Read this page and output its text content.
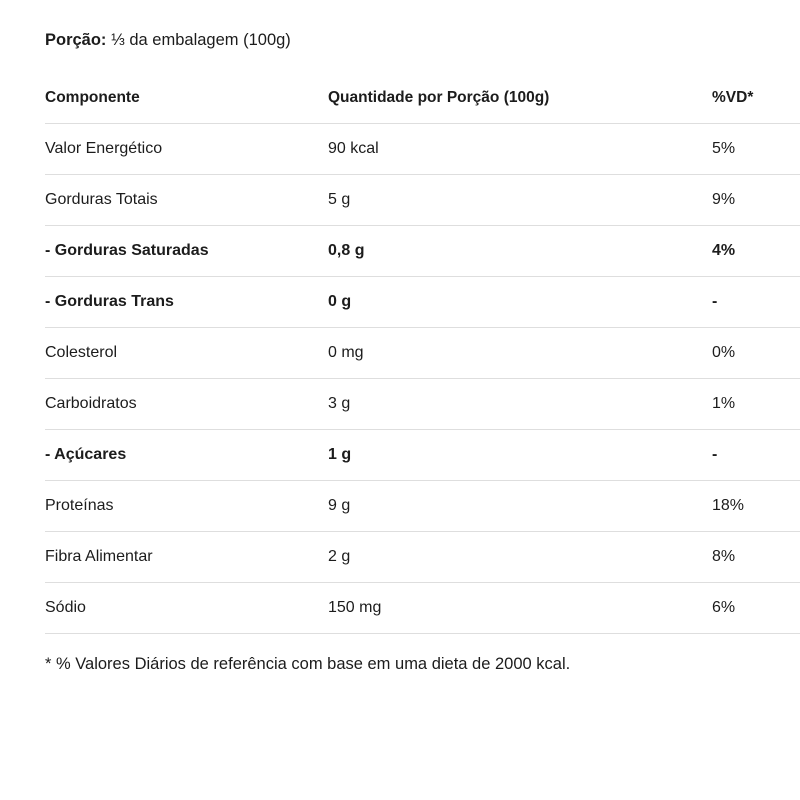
Porção: ⅓ da embalagem (100g)
Componente	Quantidade por Porção (100g)	%VD*
Valor Energético	90 kcal	5%
Gorduras Totais	5 g	9%
- Gorduras Saturadas	0,8 g	4%
- Gorduras Trans	0 g	-
Colesterol	0 mg	0%
Carboidratos	3 g	1%
- Açúcares	1 g	-
Proteínas	9 g	18%
Fibra Alimentar	2 g	8%
Sódio	150 mg	6%
* % Valores Diários de referência com base em uma dieta de 2000 kcal.
